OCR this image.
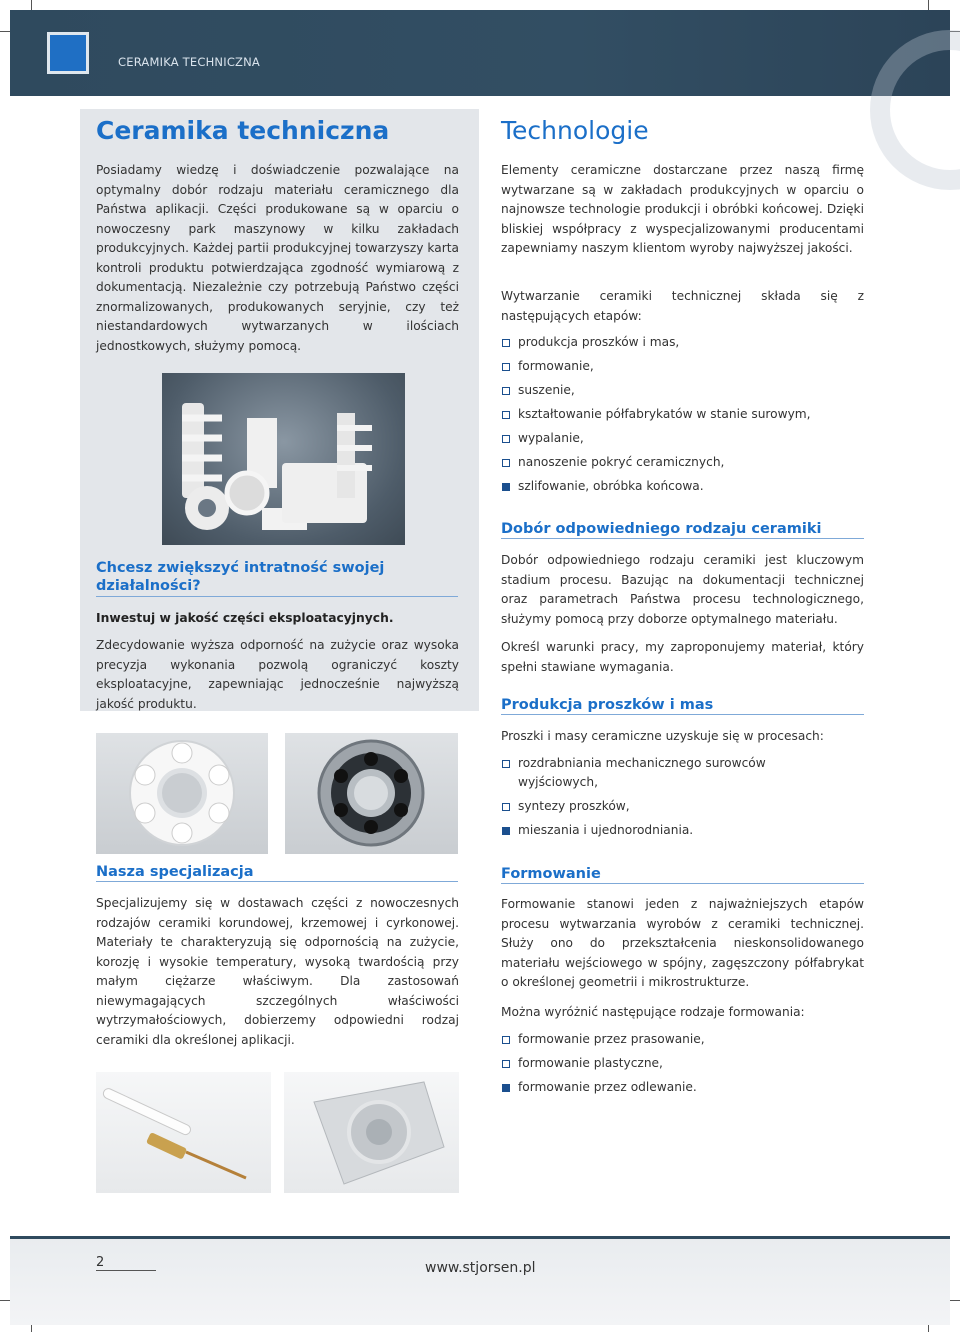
CERAMIKA TECHNICZNA
Ceramika techniczna

Posiadamy wiedzę i doświadczenie pozwalające na optymalny dobór rodzaju materiału ceramicznego dla Państwa aplikacji. Części produkowane są w oparciu o nowoczesny park maszynowy w kilku zakładach produkcyjnych. Każdej partii produkcyjnej towarzyszy karta kontroli produktu potwierdzająca zgodność wymiarową z dokumentacją. Niezależnie czy potrzebują Państwo części znormalizowanych, produkowanych seryjnie, czy też niestandardowych wytwarzanych w ilościach jednostkowych, służymy pomocą.

Chcesz zwiększyć intratność swojej działalności?

Inwestuj w jakość części eksploatacyjnych.

Zdecydowanie wyższa odporność na zużycie oraz wysoka precyzja wykonania pozwolą ograniczyć koszty eksploatacyjne, zapewniając jednocześnie najwyższą jakość produktu.

Nasza specjalizacja

Specjalizujemy się w dostawach części z nowoczesnych rodzajów ceramiki korundowej, krzemowej i cyrkonowej. Materiały te charakteryzują się odpornością na zużycie, korozję i wysokie temperatury, wysoką twardością przy małym ciężarze właściwym. Dla zastosowań niewymagających szczególnych właściwości wytrzymałościowych, dobierzemy odpowiedni rodzaj ceramiki dla określonej aplikacji.

Technologie

Elementy ceramiczne dostarczane przez naszą firmę wytwarzane są w zakładach produkcyjnych w oparciu o najnowsze technologie produkcji i obróbki końcowej. Dzięki bliskiej współpracy z wyspecjalizowanymi producentami zapewniamy naszym klientom wyroby najwyższej jakości.

Wytwarzanie ceramiki technicznej składa się z następujących etapów:

produkcja proszków i mas,
formowanie,
suszenie,
kształtowanie półfabrykatów w stanie surowym,
wypalanie,
nanoszenie pokryć ceramicznych,
szlifowanie, obróbka końcowa.
Dobór odpowiedniego rodzaju ceramiki

Dobór odpowiedniego rodzaju ceramiki jest kluczowym stadium procesu. Bazując na dokumentacji technicznej oraz parametrach Państwa procesu technologicznego, służymy pomocą przy doborze optymalnego materiału.

Określ warunki pracy, my zaproponujemy materiał, który spełni stawiane wymagania.

Produkcja proszków i mas

Proszki i masy ceramiczne uzyskuje się w procesach:

rozdrabniania mechanicznego surowców wyjściowych,
syntezy proszków,
mieszania i ujednorodniania.
Formowanie

Formowanie stanowi jeden z najważniejszych etapów procesu wytwarzania wyrobów z ceramiki technicznej. Służy ono do przekształcenia nieskonsolidowanego materiału wejściowego w spójny, zagęszczony półfabrykat o określonej geometrii i mikrostrukturze.

Można wyróżnić następujące rodzaje formowania:

formowanie przez prasowanie,
formowanie plastyczne,
formowanie przez odlewanie.
2	www.stjorsen.pl
